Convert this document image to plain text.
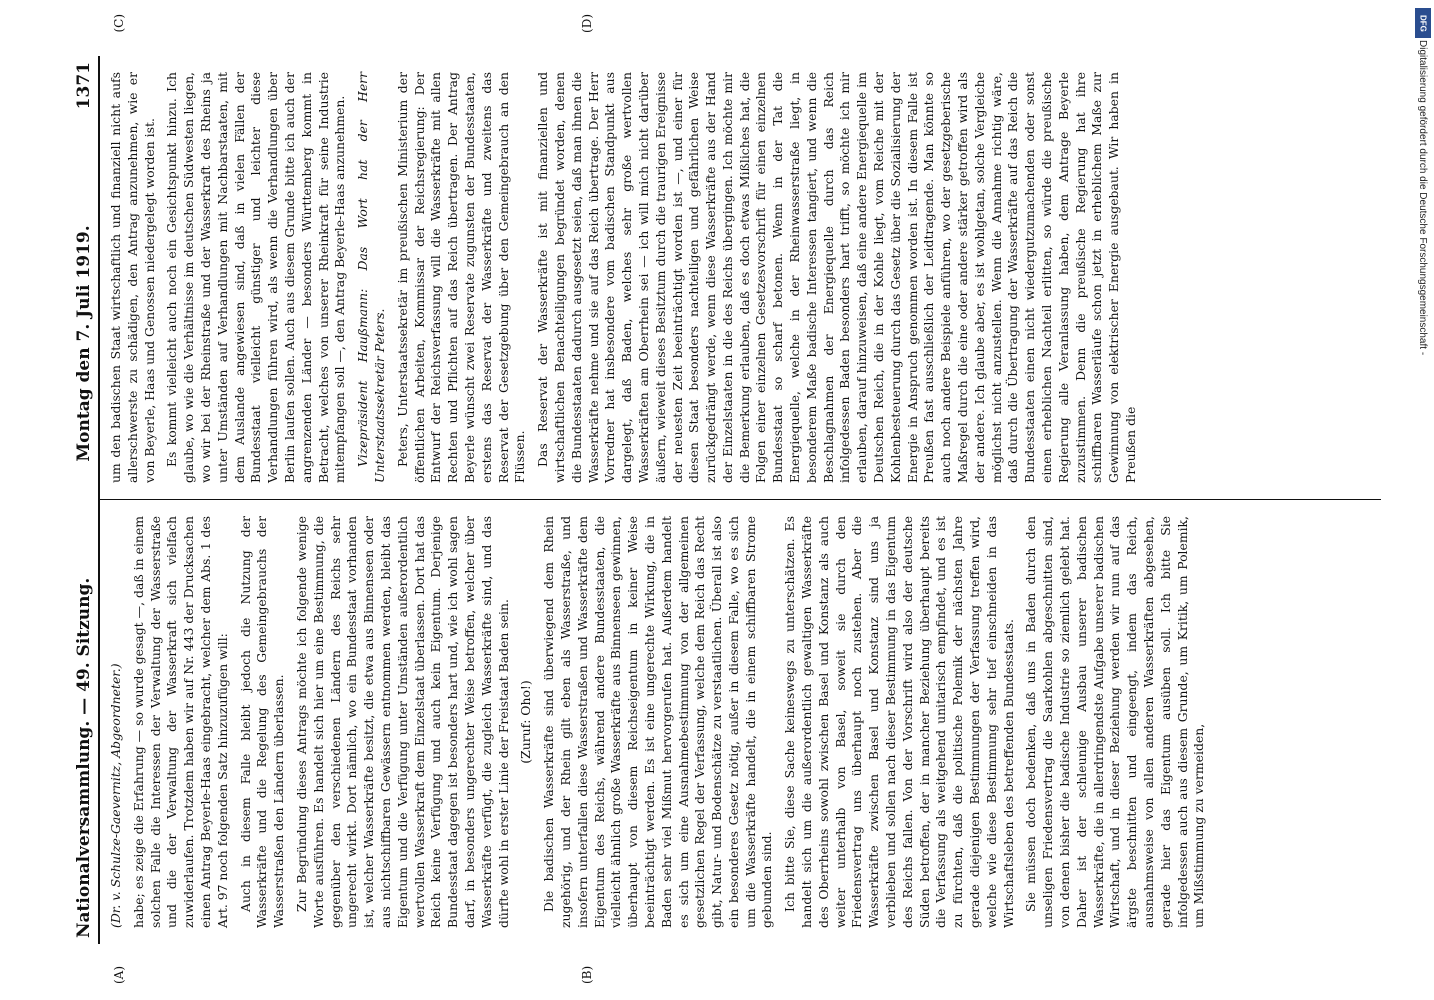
Nationalversammlung. — 49. Sitzung.
Montag den 7. Juli 1919.
1371
(A)	(B)
(C)	(D)

(Dr. v. Schulze-Gaevernitz, Abgeordneter.) habe; es zeige die Erfahrung — so wurde gesagt —, daß in einem solchen Falle die Interessen der Verwaltung der Wasserstraße und die der Verwaltung der Wasserkraft sich vielfach zuwiderlaufen. Trotzdem haben wir auf Nr. 443 der Drucksachen einen Antrag Beyerle-Haas eingebracht, welcher dem Abs. 1 des Art. 97 noch folgenden Satz hinzuzufügen will: Auch in diesem Falle bleibt jedoch die Nutzung der Wasserkräfte und die Regelung des Gemeingebrauchs der Wasserstraßen den Ländern überlassen. Zur Begründung dieses Antrags möchte ich folgende wenige Worte ausführen. Es handelt sich hier um eine Bestimmung, die gegenüber den verschiedenen Ländern des Reichs sehr ungerecht wirkt. Dort nämlich, wo ein Bundesstaat vorhanden ist, welcher Wasserkräfte besitzt, die etwa aus Binnenseen oder aus nichtschiffbaren Gewässern entnommen werden, bleibt das Eigentum und die Verfügung unter Umständen außerordentlich wertvollen Wasserkraft dem Einzelstaat überlassen. Dort hat das Reich keine Verfügung und auch kein Eigentum. Derjenige Bundesstaat dagegen ist besonders hart und, wie ich wohl sagen darf, in besonders ungerechter Weise betroffen, welcher über Wasserkräfte verfügt, die zugleich Wasserkräfte sind, und das dürfte wohl in erster Linie der Freistaat Baden sein. (Zuruf: Oho!) Die badischen Wasserkräfte sind überwiegend dem Rhein zugehörig, und der Rhein gilt eben als Wasserstraße, und insofern unterfallen diese Wasserstraßen und Wasserkräfte dem Eigentum des Reichs, während andere Bundesstaaten, die vielleicht ähnlich große Wasserkräfte aus Binnenseen gewinnen, überhaupt von diesem Reichseigentum in keiner Weise beeinträchtigt werden. Es ist eine ungerechte Wirkung, die in Baden sehr viel Mißmut hervorgerufen hat. Außerdem handelt es sich um eine Ausnahmebestimmung von der allgemeinen gesetzlichen Regel der Verfassung, welche dem Reich das Recht gibt, Natur- und Bodenschätze zu verstaatlichen. Überall ist also ein besonderes Gesetz nötig, außer in diesem Falle, wo es sich um die Wasserkräfte handelt, die in einem schiffbaren Strome gebunden sind. Ich bitte Sie, diese Sache keineswegs zu unterschätzen. Es handelt sich um die außerordentlich gewaltigen Wasserkräfte des Oberrheins sowohl zwischen Basel und Konstanz als auch weiter unterhalb von Basel, soweit sie durch den Friedensvertrag uns überhaupt noch zustehen. Aber die Wasserkräfte zwischen Basel und Konstanz sind uns ja verblieben und sollen nach dieser Bestimmung in das Eigentum des Reichs fallen. Von der Vorschrift wird also der deutsche Süden betroffen, der in mancher Beziehung überhaupt bereits die Verfassung als weitgehend unitarisch empfindet, und es ist zu fürchten, daß die politische Polemik der nächsten Jahre gerade diejenigen Bestimmungen der Verfassung treffen wird, welche wie diese Bestimmung sehr tief einschneiden in das Wirtschaftsleben des betreffenden Bundesstaats. Sie müssen doch bedenken, daß uns in Baden durch den unseligen Friedensvertrag die Saarkohlen abgeschnitten sind, von denen bisher die badische Industrie so ziemlich gelebt hat. Daher ist der schleunige Ausbau unserer badischen Wasserkräfte, die in allerdringendste Aufgabe unserer badischen Wirtschaft, und in dieser Beziehung werden wir nun auf das ärgste beschnitten und eingeengt, indem das Reich, ausnahmsweise von allen anderen Wasserkräften abgesehen, gerade hier das Eigentum ausüben soll. Ich bitte Sie infolgedessen auch aus diesem Grunde, um Kritik, um Polemik, um Mißstimmung zu vermeiden,

um den badischen Staat wirtschaftlich und finanziell nicht aufs allerschwerste zu schädigen, den Antrag anzunehmen, wie er von Beyerle, Haas und Genossen niedergelegt worden ist. Es kommt vielleicht auch noch ein Gesichtspunkt hinzu. Ich glaube, wo wie die Verhältnisse im deutschen Südwesten liegen, wo wir bei der Rheinstraße und der Wasserkraft des Rheins ja unter Umständen auf Verhandlungen mit Nachbarstaaten, mit dem Auslande angewiesen sind, daß in vielen Fällen der Bundesstaat vielleicht günstiger und leichter diese Verhandlungen führen wird, als wenn die Verhandlungen über Berlin laufen sollen. Auch aus diesem Grunde bitte ich auch der angrenzenden Länder — besonders Württemberg kommt in Betracht, welches von unserer Rheinkraft für seine Industrie mitempfangen soll —, den Antrag Beyerle-Haas anzunehmen. Vizepräsident Haußmann: Das Wort hat der Herr Unterstaatssekretär Peters. Peters, Unterstaatssekretär im preußischen Ministerium der öffentlichen Arbeiten, Kommissar der Reichsregierung: Der Entwurf der Reichsverfassung will die Wasserkräfte mit allen Rechten und Pflichten auf das Reich übertragen. Der Antrag Beyerle wünscht zwei Reservate zugunsten der Bundesstaaten, erstens das Reservat der Wasserkräfte und zweitens das Reservat der Gesetzgebung über den Gemeingebrauch an den Flüssen. Das Reservat der Wasserkräfte ist mit finanziellen und wirtschaftlichen Benachteiligungen begründet worden, denen die Bundesstaaten dadurch ausgesetzt seien, daß man ihnen die Wasserkräfte nehme und sie auf das Reich übertrage. Der Herr Vorredner hat insbesondere vom badischen Standpunkt aus dargelegt, daß Baden, welches sehr große wertvollen Wasserkräften am Oberrhein sei — ich will mich nicht darüber äußern, wieweit dieses Besitztum durch die traurigen Ereignisse der neuesten Zeit beeinträchtigt worden ist —, und einer für diesen Staat besonders nachteiligen und gefährlichen Weise zurückgedrängt werde, wenn diese Wasserkräfte aus der Hand der Einzelstaaten in die des Reichs übergingen. Ich möchte mir die Bemerkung erlauben, daß es doch etwas Mißliches hat, die Folgen einer einzelnen Gesetzesvorschrift für einen einzelnen Bundesstaat so scharf betonen. Wenn in der Tat die Energiequelle, welche in der Rheinwasserstraße liegt, in besonderem Maße badische Interessen tangiert, und wenn die Beschlagnahmen der Energiequelle durch das Reich infolgedessen Baden besonders hart trifft, so möchte ich mir erlauben, darauf hinzuweisen, daß eine andere Energiequelle im Deutschen Reich, die in der Kohle liegt, vom Reiche mit der Kohlenbesteuerung durch das Gesetz über die Sozialisierung der Energie in Anspruch genommen worden ist. In diesem Falle ist Preußen fast ausschließlich der Leidtragende. Man könnte so auch noch andere Beispiele anführen, wo der gesetzgeberische Maßregel durch die eine oder andere stärker getroffen wird als der andere. Ich glaube aber, es ist wohlgetan, solche Vergleiche möglichst nicht anzustellen. Wenn die Annahme richtig wäre, daß durch die Übertragung der Wasserkräfte auf das Reich die Bundesstaaten einen nicht wiedergutzumachenden oder sonst einen erheblichen Nachteil erlitten, so würde die preußische Regierung alle Veranlassung haben, dem Antrage Beyerle zuzustimmen. Denn die preußische Regierung hat ihre schiffbaren Wasserläufe schon jetzt in erheblichem Maße zur Gewinnung von elektrischer Energie ausgebaut. Wir haben in Preußen die

Digitalisierung gefördert durch die Deutsche Forschungsgemeinschaft -
DFG
